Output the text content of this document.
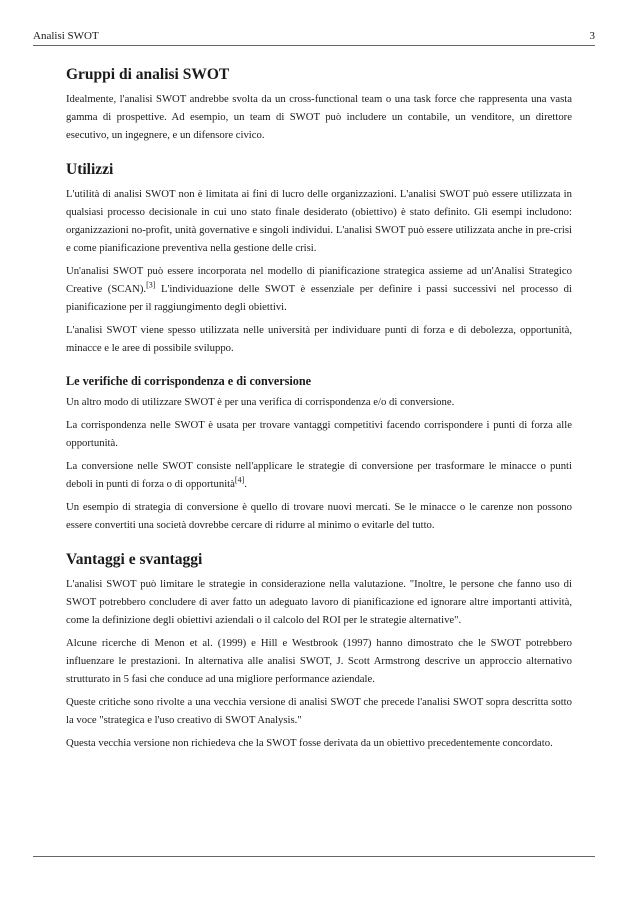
Analisi SWOT	3
Gruppi di analisi SWOT

Idealmente, l'analisi SWOT andrebbe svolta da un cross-functional team o una task force che rappresenta una vasta gamma di prospettive. Ad esempio, un team di SWOT può includere un contabile, un venditore, un direttore esecutivo, un ingegnere, e un difensore civico.

Utilizzi

L'utilità di analisi SWOT non è limitata ai fini di lucro delle organizzazioni. L'analisi SWOT può essere utilizzata in qualsiasi processo decisionale in cui uno stato finale desiderato (obiettivo) è stato definito. Gli esempi includono: organizzazioni no-profit, unità governative e singoli individui. L'analisi SWOT può essere utilizzata anche in pre-crisi e come pianificazione preventiva nella gestione delle crisi.

Un'analisi SWOT può essere incorporata nel modello di pianificazione strategica assieme ad un'Analisi Strategico Creative (SCAN).[3] L'individuazione delle SWOT è essenziale per definire i passi successivi nel processo di pianificazione per il raggiungimento degli obiettivi.

L'analisi SWOT viene spesso utilizzata nelle università per individuare punti di forza e di debolezza, opportunità, minacce e le aree di possibile sviluppo.

Le verifiche di corrispondenza e di conversione

Un altro modo di utilizzare SWOT è per una verifica di corrispondenza e/o di conversione.

La corrispondenza nelle SWOT è usata per trovare vantaggi competitivi facendo corrispondere i punti di forza alle opportunità.

La conversione nelle SWOT consiste nell'applicare le strategie di conversione per trasformare le minacce o punti deboli in punti di forza o di opportunità[4].

Un esempio di strategia di conversione è quello di trovare nuovi mercati. Se le minacce o le carenze non possono essere convertiti una società dovrebbe cercare di ridurre al minimo o evitarle del tutto.

Vantaggi e svantaggi

L'analisi SWOT può limitare le strategie in considerazione nella valutazione. "Inoltre, le persone che fanno uso di SWOT potrebbero concludere di aver fatto un adeguato lavoro di pianificazione ed ignorare altre importanti attività, come la definizione degli obiettivi aziendali o il calcolo del ROI per le strategie alternative".

Alcune ricerche di Menon et al. (1999) e Hill e Westbrook (1997) hanno dimostrato che le SWOT potrebbero influenzare le prestazioni. In alternativa alle analisi SWOT, J. Scott Armstrong descrive un approccio alternativo strutturato in 5 fasi che conduce ad una migliore performance aziendale.

Queste critiche sono rivolte a una vecchia versione di analisi SWOT che precede l'analisi SWOT sopra descritta sotto la voce "strategica e l'uso creativo di SWOT Analysis."

Questa vecchia versione non richiedeva che la SWOT fosse derivata da un obiettivo precedentemente concordato.
